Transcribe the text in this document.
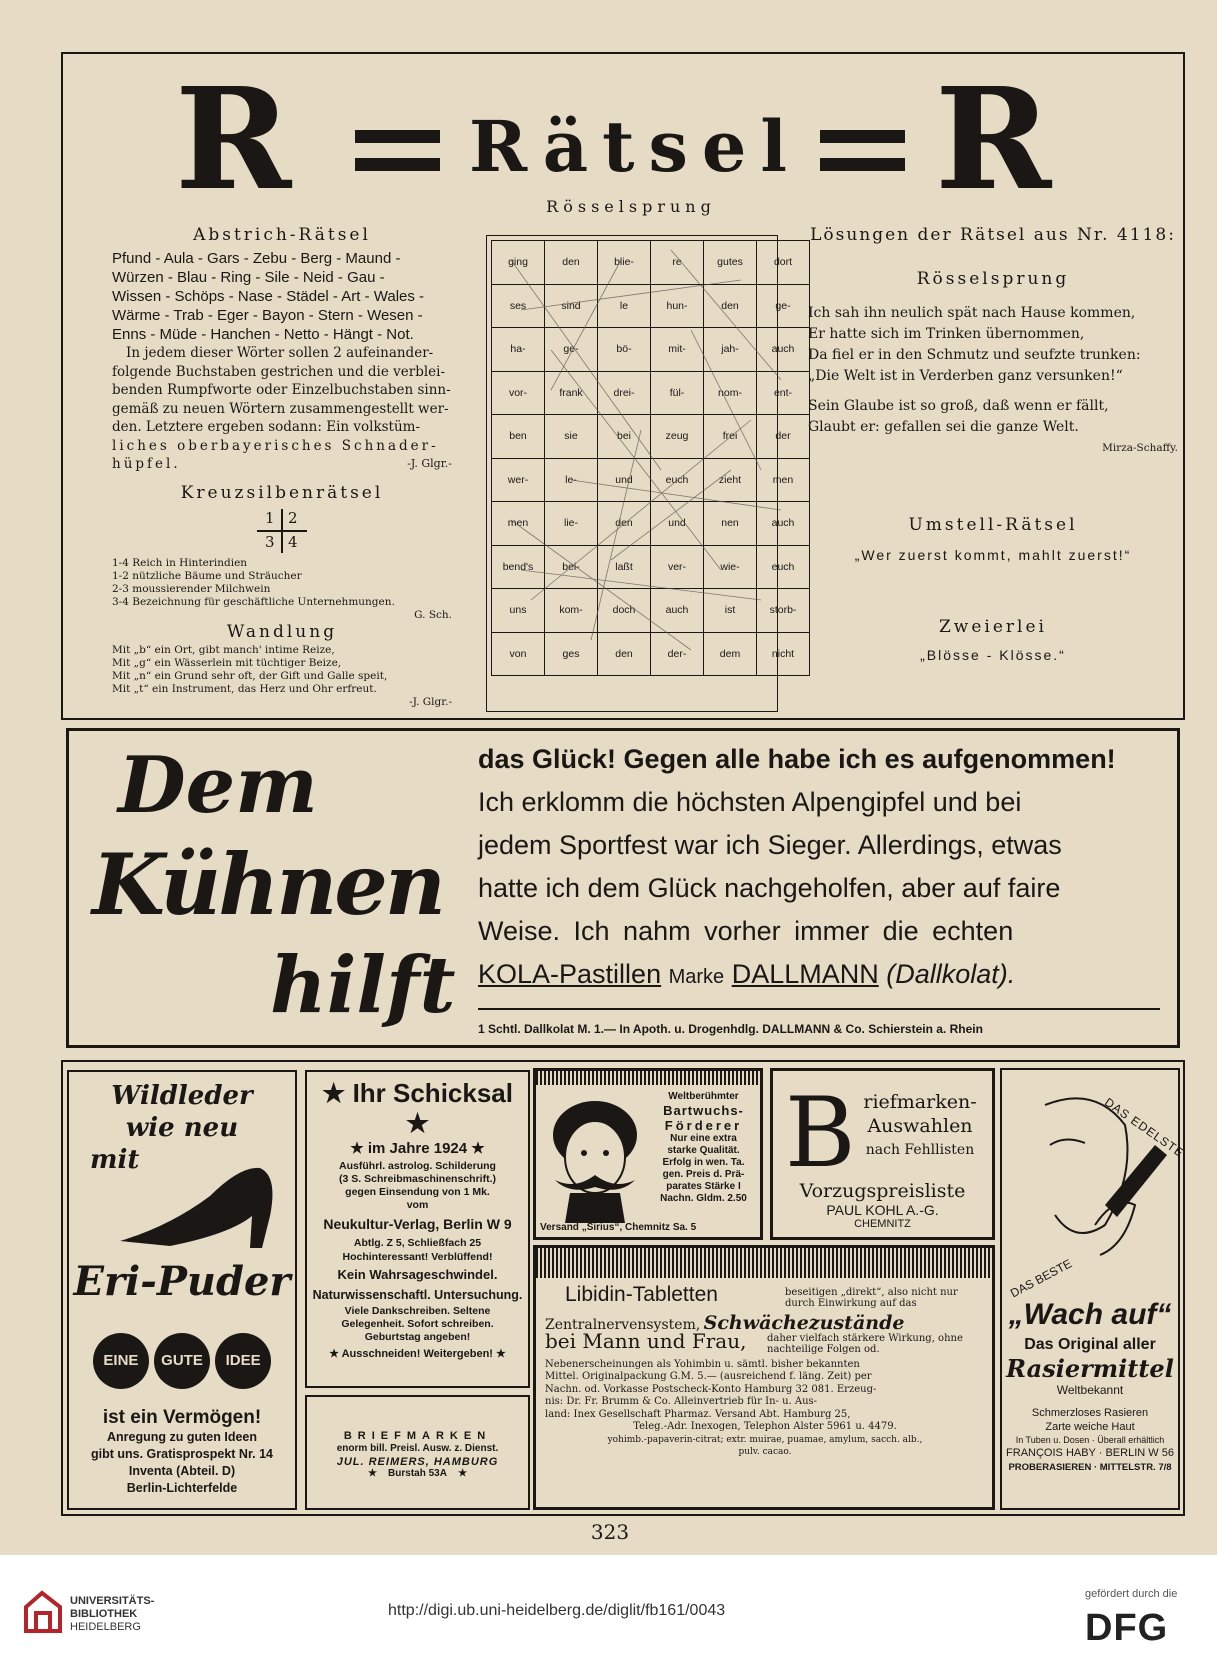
R	R
Rätsel
Abstrich-Rätsel
Pfund - Aula - Gars - Zebu - Berg - Maund -
Würzen - Blau - Ring - Sile - Neid - Gau -
Wissen - Schöps - Nase - Städel - Art - Wales -
Wärme - Trab - Eger - Bayon - Stern - Wesen -
Enns - Müde - Hanchen - Netto - Hängt - Not.
In jedem dieser Wörter sollen 2 aufeinander-
folgende Buchstaben gestrichen und die verblei-
benden Rumpfworte oder Einzelbuchstaben sinn-
gemäß zu neuen Wörtern zusammengestellt wer-
den. Letztere ergeben sodann: Ein volkstüm-
liches oberbayerisches Schnader-
hüpfel.	-J. Glgr.-
Kreuzsilbenrätsel
1 2
3 4
1-4 Reich in Hinterindien
1-2 nützliche Bäume und Sträucher
2-3 moussierender Milchwein
3-4 Bezeichnung für geschäftliche Unternehmungen.
G. Sch.
Wandlung
Mit „b“ ein Ort, gibt manch' intime Reize,
Mit „g“ ein Wässerlein mit tüchtiger Beize,
Mit „n“ ein Grund sehr oft, der Gift und Galle speit,
Mit „t“ ein Instrument, das Herz und Ohr erfreut.
-J. Glgr.-
Rösselsprung
ging	den	blie-	re	gutes	dort
ses	sind	le	hun-	den	ge-
ha-	ge-	bö-	mit-	jah-	auch
vor-	frank	drei-	fül-	nom-	ent-
ben	sie	bei	zeug	frei	der
wer-	le-	und	euch	zieht	men
men	lie-	den	und	nen	auch
bend's	bei-	laßt	ver-	wie-	euch
uns	kom-	doch	auch	ist	storb-
von	ges	den	der-	dem	nicht
Lösungen der Rätsel aus Nr. 4118:
Rösselsprung
Ich sah ihn neulich spät nach Hause kommen,
Er hatte sich im Trinken übernommen,
Da fiel er in den Schmutz und seufzte trunken:
„Die Welt ist in Verderben ganz versunken!“
Sein Glaube ist so groß, daß wenn er fällt,
Glaubt er: gefallen sei die ganze Welt.
Mirza-Schaffy.
Umstell-Rätsel
„Wer zuerst kommt, mahlt zuerst!“
Zweierlei
„Blösse - Klösse.“
Dem
Kühnen
hilft
das Glück! Gegen alle habe ich es aufgenommen!
Ich erklomm die höchsten Alpengipfel und bei
jedem Sportfest war ich Sieger. Allerdings, etwas
hatte ich dem Glück nachgeholfen, aber auf faire
Weise. Ich nahm vorher immer die echten
KOLA-Pastillen Marke DALLMANN (Dallkolat).
1 Schtl. Dallkolat M. 1.— In Apoth. u. Drogenhdlg. DALLMANN & Co. Schierstein a. Rhein
Wildleder
wie neu
mit
Eri-Puder
EINE GUTE IDEE
ist ein Vermögen!
Anregung zu guten Ideen
gibt uns. Gratisprospekt Nr. 14
Inventa (Abteil. D)
Berlin-Lichterfelde
★ Ihr Schicksal ★
★ im Jahre 1924 ★
Ausführl. astrolog. Schilderung
(3 S. Schreibmaschinenschrift.)
gegen Einsendung von 1 Mk.
vom
Neukultur-Verlag, Berlin W 9
Abtlg. Z 5, Schließfach 25
Hochinteressant! Verblüffend!
Kein Wahrsageschwindel.
Naturwissenschaftl. Untersuchung.
Viele Dankschreiben. Seltene
Gelegenheit. Sofort schreiben.
Geburtstag angeben!
★ Ausschneiden! Weitergeben! ★
BRIEFMARKEN
enorm bill. Preisl. Ausw. z. Dienst.
JUL. REIMERS, HAMBURG
★    Burstah 53A    ★
Weltberühmter
Bartwuchs-
Förderer
Nur eine extra
starke Qualität.
Erfolg in wen. Ta.
gen. Preis d. Prä-
parates Stärke I
Nachn. Gldm. 2.50
Versand „Sirius“, Chemnitz Sa. 5
B riefmarken-
Auswahlen
nach Fehllisten
Vorzugspreisliste
PAUL KOHL A.-G.
CHEMNITZ
Libidin-Tabletten	beseitigen „direkt“, also nicht nur durch Einwirkung auf das
Zentralnervensystem, Schwächezustände
bei Mann und Frau, daher vielfach stärkere Wirkung, ohne nachteilige Folgen od.
Nebenerscheinungen als Yohimbin u. sämtl. bisher bekannten
Mittel. Originalpackung G.M. 5.— (ausreichend f. läng. Zeit) per
Nachn. od. Vorkasse Postscheck-Konto Hamburg 32 081. Erzeug-
nis: Dr. Fr. Brumm & Co. Alleinvertrieb für In- u. Aus-
land: Inex Gesellschaft Pharmaz. Versand Abt. Hamburg 25,
Teleg.-Adr. Inexogen, Telephon Alster 5961 u. 4479.
yohimb.-papaverin-citrat; extr. muirae, puamae, amylum, sacch. alb.,
pulv. cacao.
DAS EDELSTE
DAS BESTE
„Wach auf“
Das Original aller
Rasiermittel
Weltbekannt
Schmerzloses Rasieren
Zarte weiche Haut
In Tuben u. Dosen · Überall erhältlich
FRANÇOIS HABY · BERLIN W 56
PROBERASIEREN · MITTELSTR. 7/8
323
UNIVERSITÄTS-
BIBLIOTHEK
HEIDELBERG
http://digi.ub.uni-heidelberg.de/diglit/fb161/0043
gefördert durch die
DFG
